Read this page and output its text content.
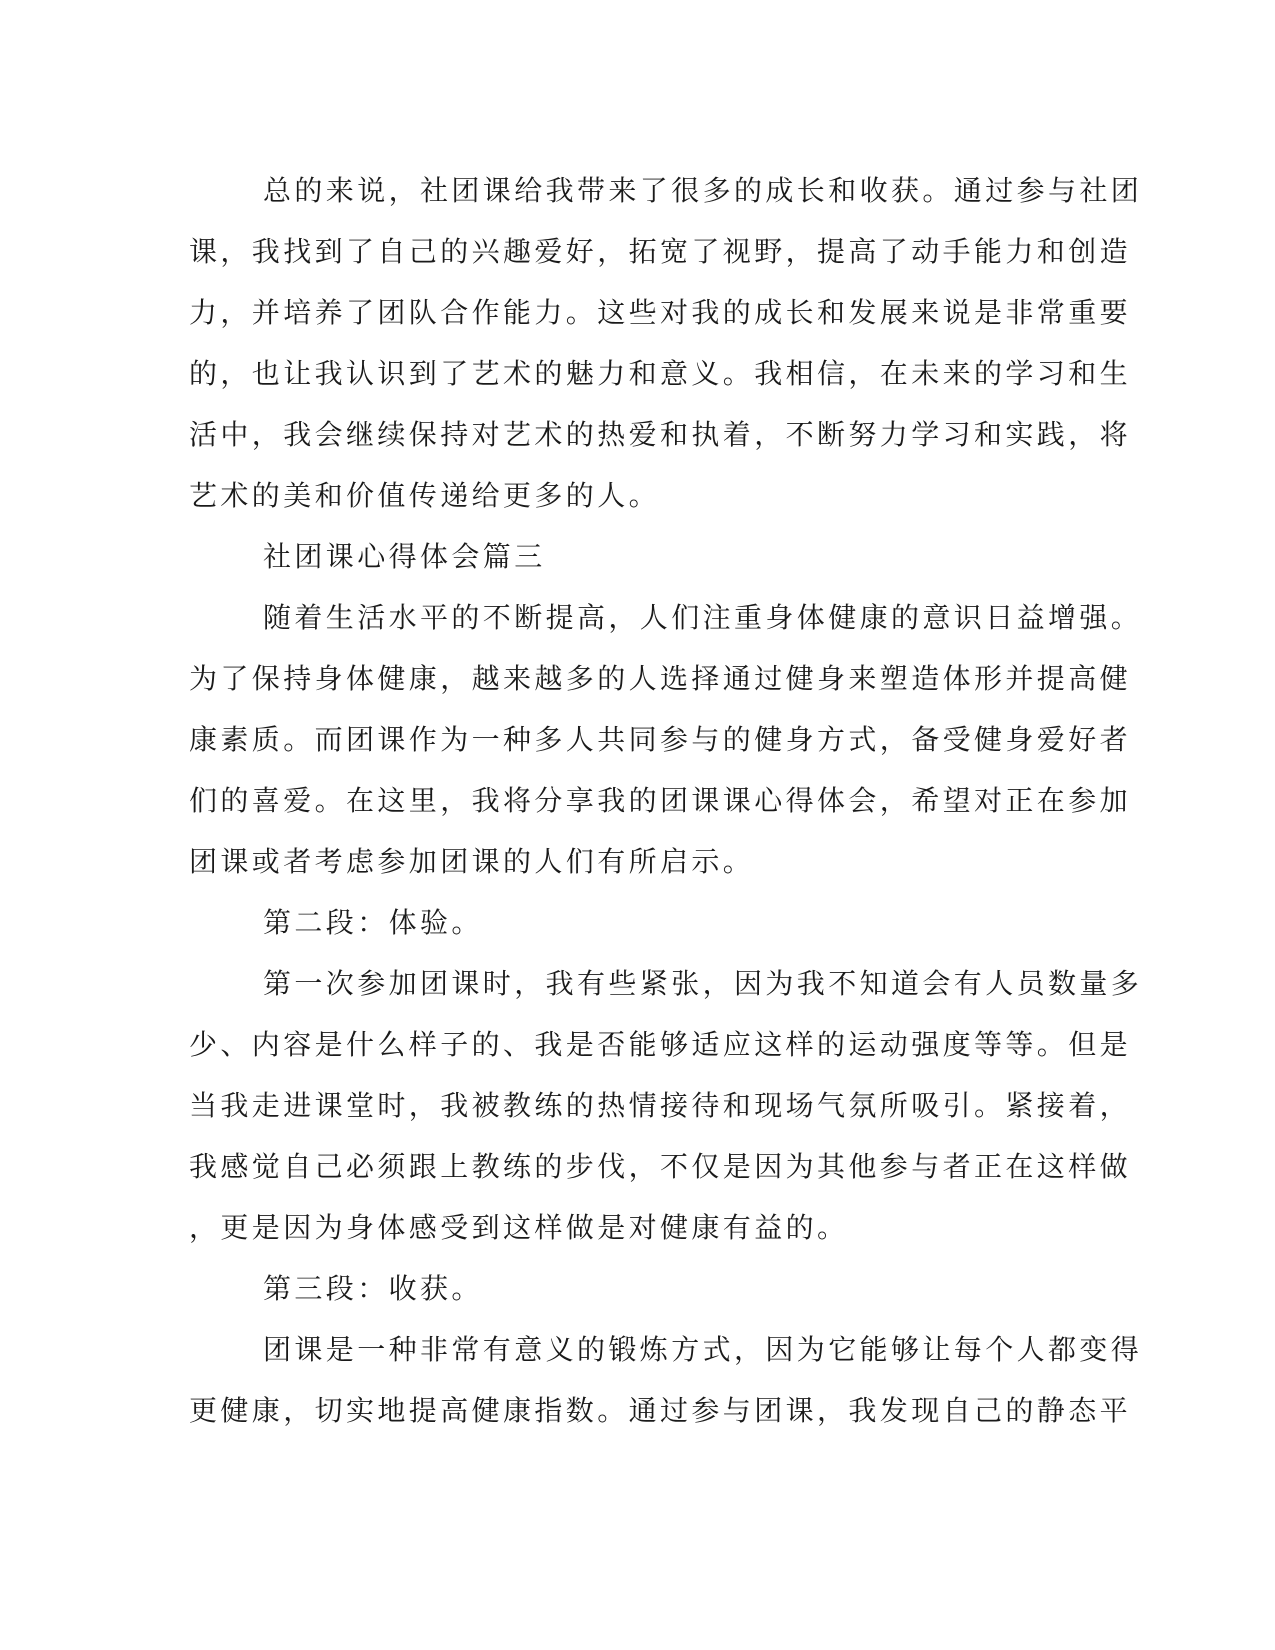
总的来说，社团课给我带来了很多的成长和收获。通过参与社团
课，我找到了自己的兴趣爱好，拓宽了视野，提高了动手能力和创造
力，并培养了团队合作能力。这些对我的成长和发展来说是非常重要
的，也让我认识到了艺术的魅力和意义。我相信，在未来的学习和生
活中，我会继续保持对艺术的热爱和执着，不断努力学习和实践，将
艺术的美和价值传递给更多的人。
社团课心得体会篇三
随着生活水平的不断提高，人们注重身体健康的意识日益增强。
为了保持身体健康，越来越多的人选择通过健身来塑造体形并提高健
康素质。而团课作为一种多人共同参与的健身方式，备受健身爱好者
们的喜爱。在这里，我将分享我的团课课心得体会，希望对正在参加
团课或者考虑参加团课的人们有所启示。
第二段：体验。
第一次参加团课时，我有些紧张，因为我不知道会有人员数量多
少、内容是什么样子的、我是否能够适应这样的运动强度等等。但是
当我走进课堂时，我被教练的热情接待和现场气氛所吸引。紧接着，
我感觉自己必须跟上教练的步伐，不仅是因为其他参与者正在这样做
，更是因为身体感受到这样做是对健康有益的。
第三段：收获。
团课是一种非常有意义的锻炼方式，因为它能够让每个人都变得
更健康，切实地提高健康指数。通过参与团课，我发现自己的静态平
